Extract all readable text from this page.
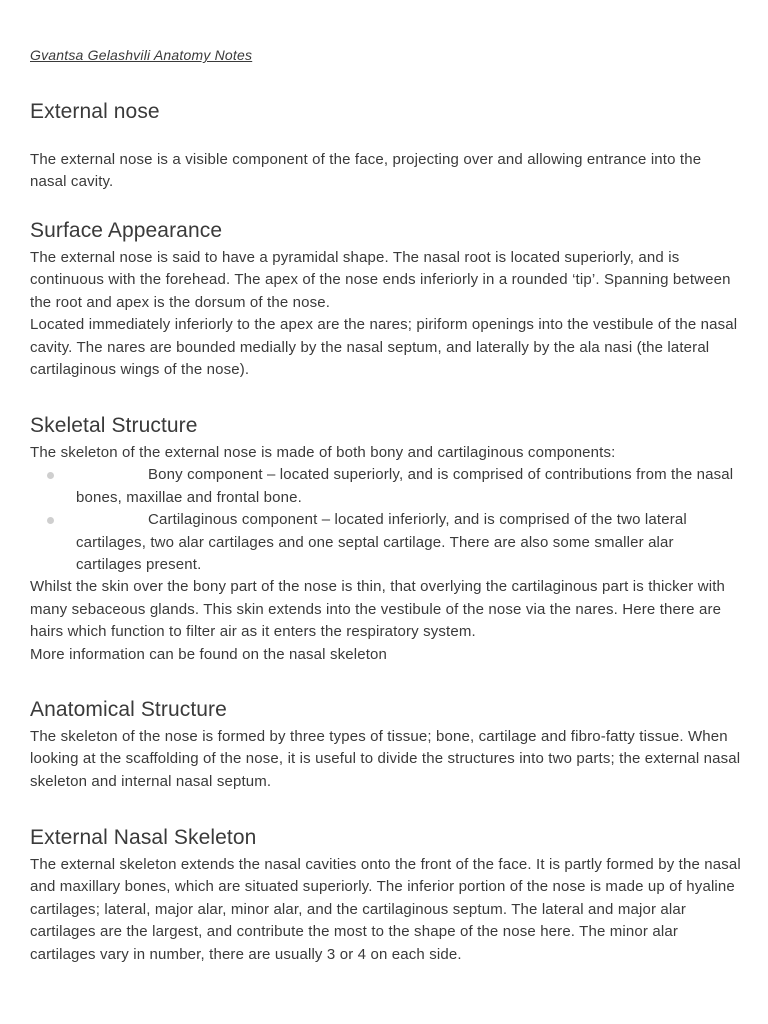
Gvantsa Gelashvili Anatomy Notes
External nose

The external nose is a visible component of the face, projecting over and allowing entrance into the nasal cavity.

Surface Appearance

The external nose is said to have a pyramidal shape. The nasal root is located superiorly, and is continuous with the forehead. The apex of the nose ends inferiorly in a rounded ‘tip’. Spanning between the root and apex is the dorsum of the nose.

Located immediately inferiorly to the apex are the nares; piriform openings into the vestibule of the nasal cavity. The nares are bounded medially by the nasal septum, and laterally by the ala nasi (the lateral cartilaginous wings of the nose).

Skeletal Structure

The skeleton of the external nose is made of both bony and cartilaginous components:

Bony component – located superiorly, and is comprised of contributions from the nasal bones, maxillae and frontal bone.
Cartilaginous component – located inferiorly, and is comprised of the two lateral cartilages, two alar cartilages and one septal cartilage. There are also some smaller alar cartilages present.

Whilst the skin over the bony part of the nose is thin, that overlying the cartilaginous part is thicker with many sebaceous glands. This skin extends into the vestibule of the nose via the nares. Here there are hairs which function to filter air as it enters the respiratory system.

More information can be found on the nasal skeleton

Anatomical Structure

The skeleton of the nose is formed by three types of tissue; bone, cartilage and fibro-fatty tissue. When looking at the scaffolding of the nose, it is useful to divide the structures into two parts; the external nasal skeleton and internal nasal septum.

External Nasal Skeleton

The external skeleton extends the nasal cavities onto the front of the face. It is partly formed by the nasal and maxillary bones, which are situated superiorly. The inferior portion of the nose is made up of hyaline cartilages; lateral, major alar, minor alar, and the cartilaginous septum. The lateral and major alar cartilages are the largest, and contribute the most to the shape of the nose here. The minor alar cartilages vary in number, there are usually 3 or 4 on each side.
